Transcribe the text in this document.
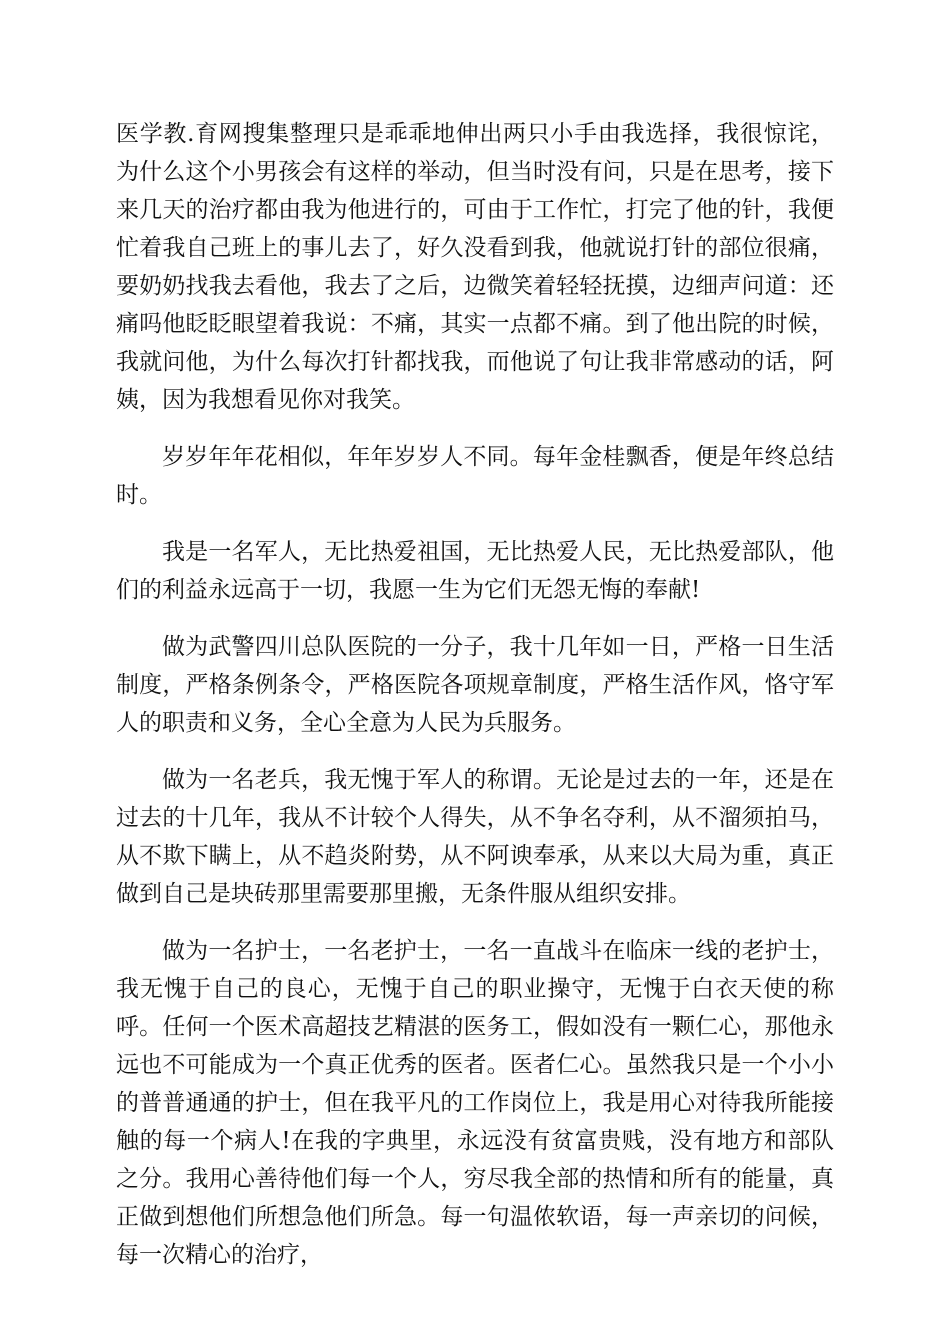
医学教.育网搜集整理只是乖乖地伸出两只小手由我选择，我很惊诧，为什么这个小男孩会有这样的举动，但当时没有问，只是在思考，接下来几天的治疗都由我为他进行的，可由于工作忙，打完了他的针，我便忙着我自己班上的事儿去了，好久没看到我，他就说打针的部位很痛，要奶奶找我去看他，我去了之后，边微笑着轻轻抚摸，边细声问道：还痛吗他眨眨眼望着我说：不痛，其实一点都不痛。到了他出院的时候，我就问他，为什么每次打针都找我，而他说了句让我非常感动的话，阿姨，因为我想看见你对我笑。

岁岁年年花相似，年年岁岁人不同。每年金桂飘香，便是年终总结时。

我是一名军人，无比热爱祖国，无比热爱人民，无比热爱部队，他们的利益永远高于一切，我愿一生为它们无怨无悔的奉献!

做为武警四川总队医院的一分子，我十几年如一日，严格一日生活制度，严格条例条令，严格医院各项规章制度，严格生活作风，恪守军人的职责和义务，全心全意为人民为兵服务。

做为一名老兵，我无愧于军人的称谓。无论是过去的一年，还是在过去的十几年，我从不计较个人得失，从不争名夺利，从不溜须拍马，从不欺下瞒上，从不趋炎附势，从不阿谀奉承，从来以大局为重，真正做到自己是块砖那里需要那里搬，无条件服从组织安排。

做为一名护士，一名老护士，一名一直战斗在临床一线的老护士，我无愧于自己的良心，无愧于自己的职业操守，无愧于白衣天使的称呼。任何一个医术高超技艺精湛的医务工，假如没有一颗仁心，那他永远也不可能成为一个真正优秀的医者。医者仁心。虽然我只是一个小小的普普通通的护士，但在我平凡的工作岗位上，我是用心对待我所能接触的每一个病人!在我的字典里，永远没有贫富贵贱，没有地方和部队之分。我用心善待他们每一个人，穷尽我全部的热情和所有的能量，真正做到想他们所想急他们所急。每一句温侬软语，每一声亲切的问候，每一次精心的治疗，
